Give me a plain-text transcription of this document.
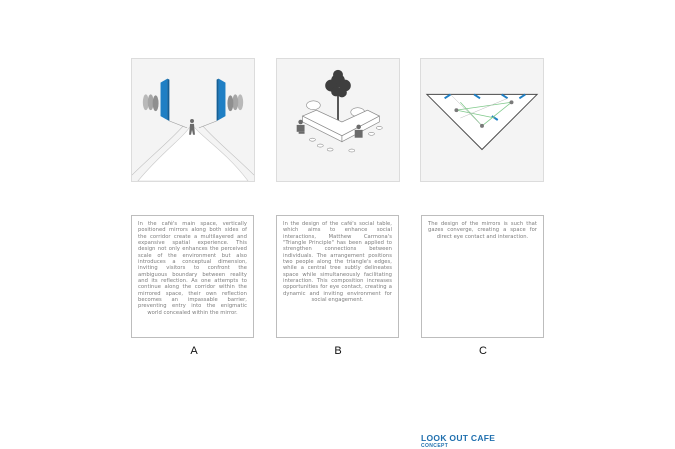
In the café's main space, vertically positioned mirrors along both sides of the corridor create a multilayered and expansive spatial experience. This design not only enhances the perceived scale of the environment but also introduces a conceptual dimension, inviting visitors to confront the ambiguous boundary between reality and its reflection. As one attempts to continue along the corridor within the mirrored space, their own reflection becomes an impassable barrier, preventing entry into the enigmatic world concealed within the mirror.
In the design of the café's social table, which aims to enhance social interactions, Matthew Carmona's "Triangle Principle" has been applied to strengthen connections between individuals. The arrangement positions two people along the triangle's edges, while a central tree subtly delineates space while simultaneously facilitating interaction. This composition increases opportunities for eye contact, creating a dynamic and inviting environment for social engagement.
The design of the mirrors is such that gazes converge, creating a space for direct eye contact and interaction.
A	B	C
LOOK OUT CAFE
CONCEPT
